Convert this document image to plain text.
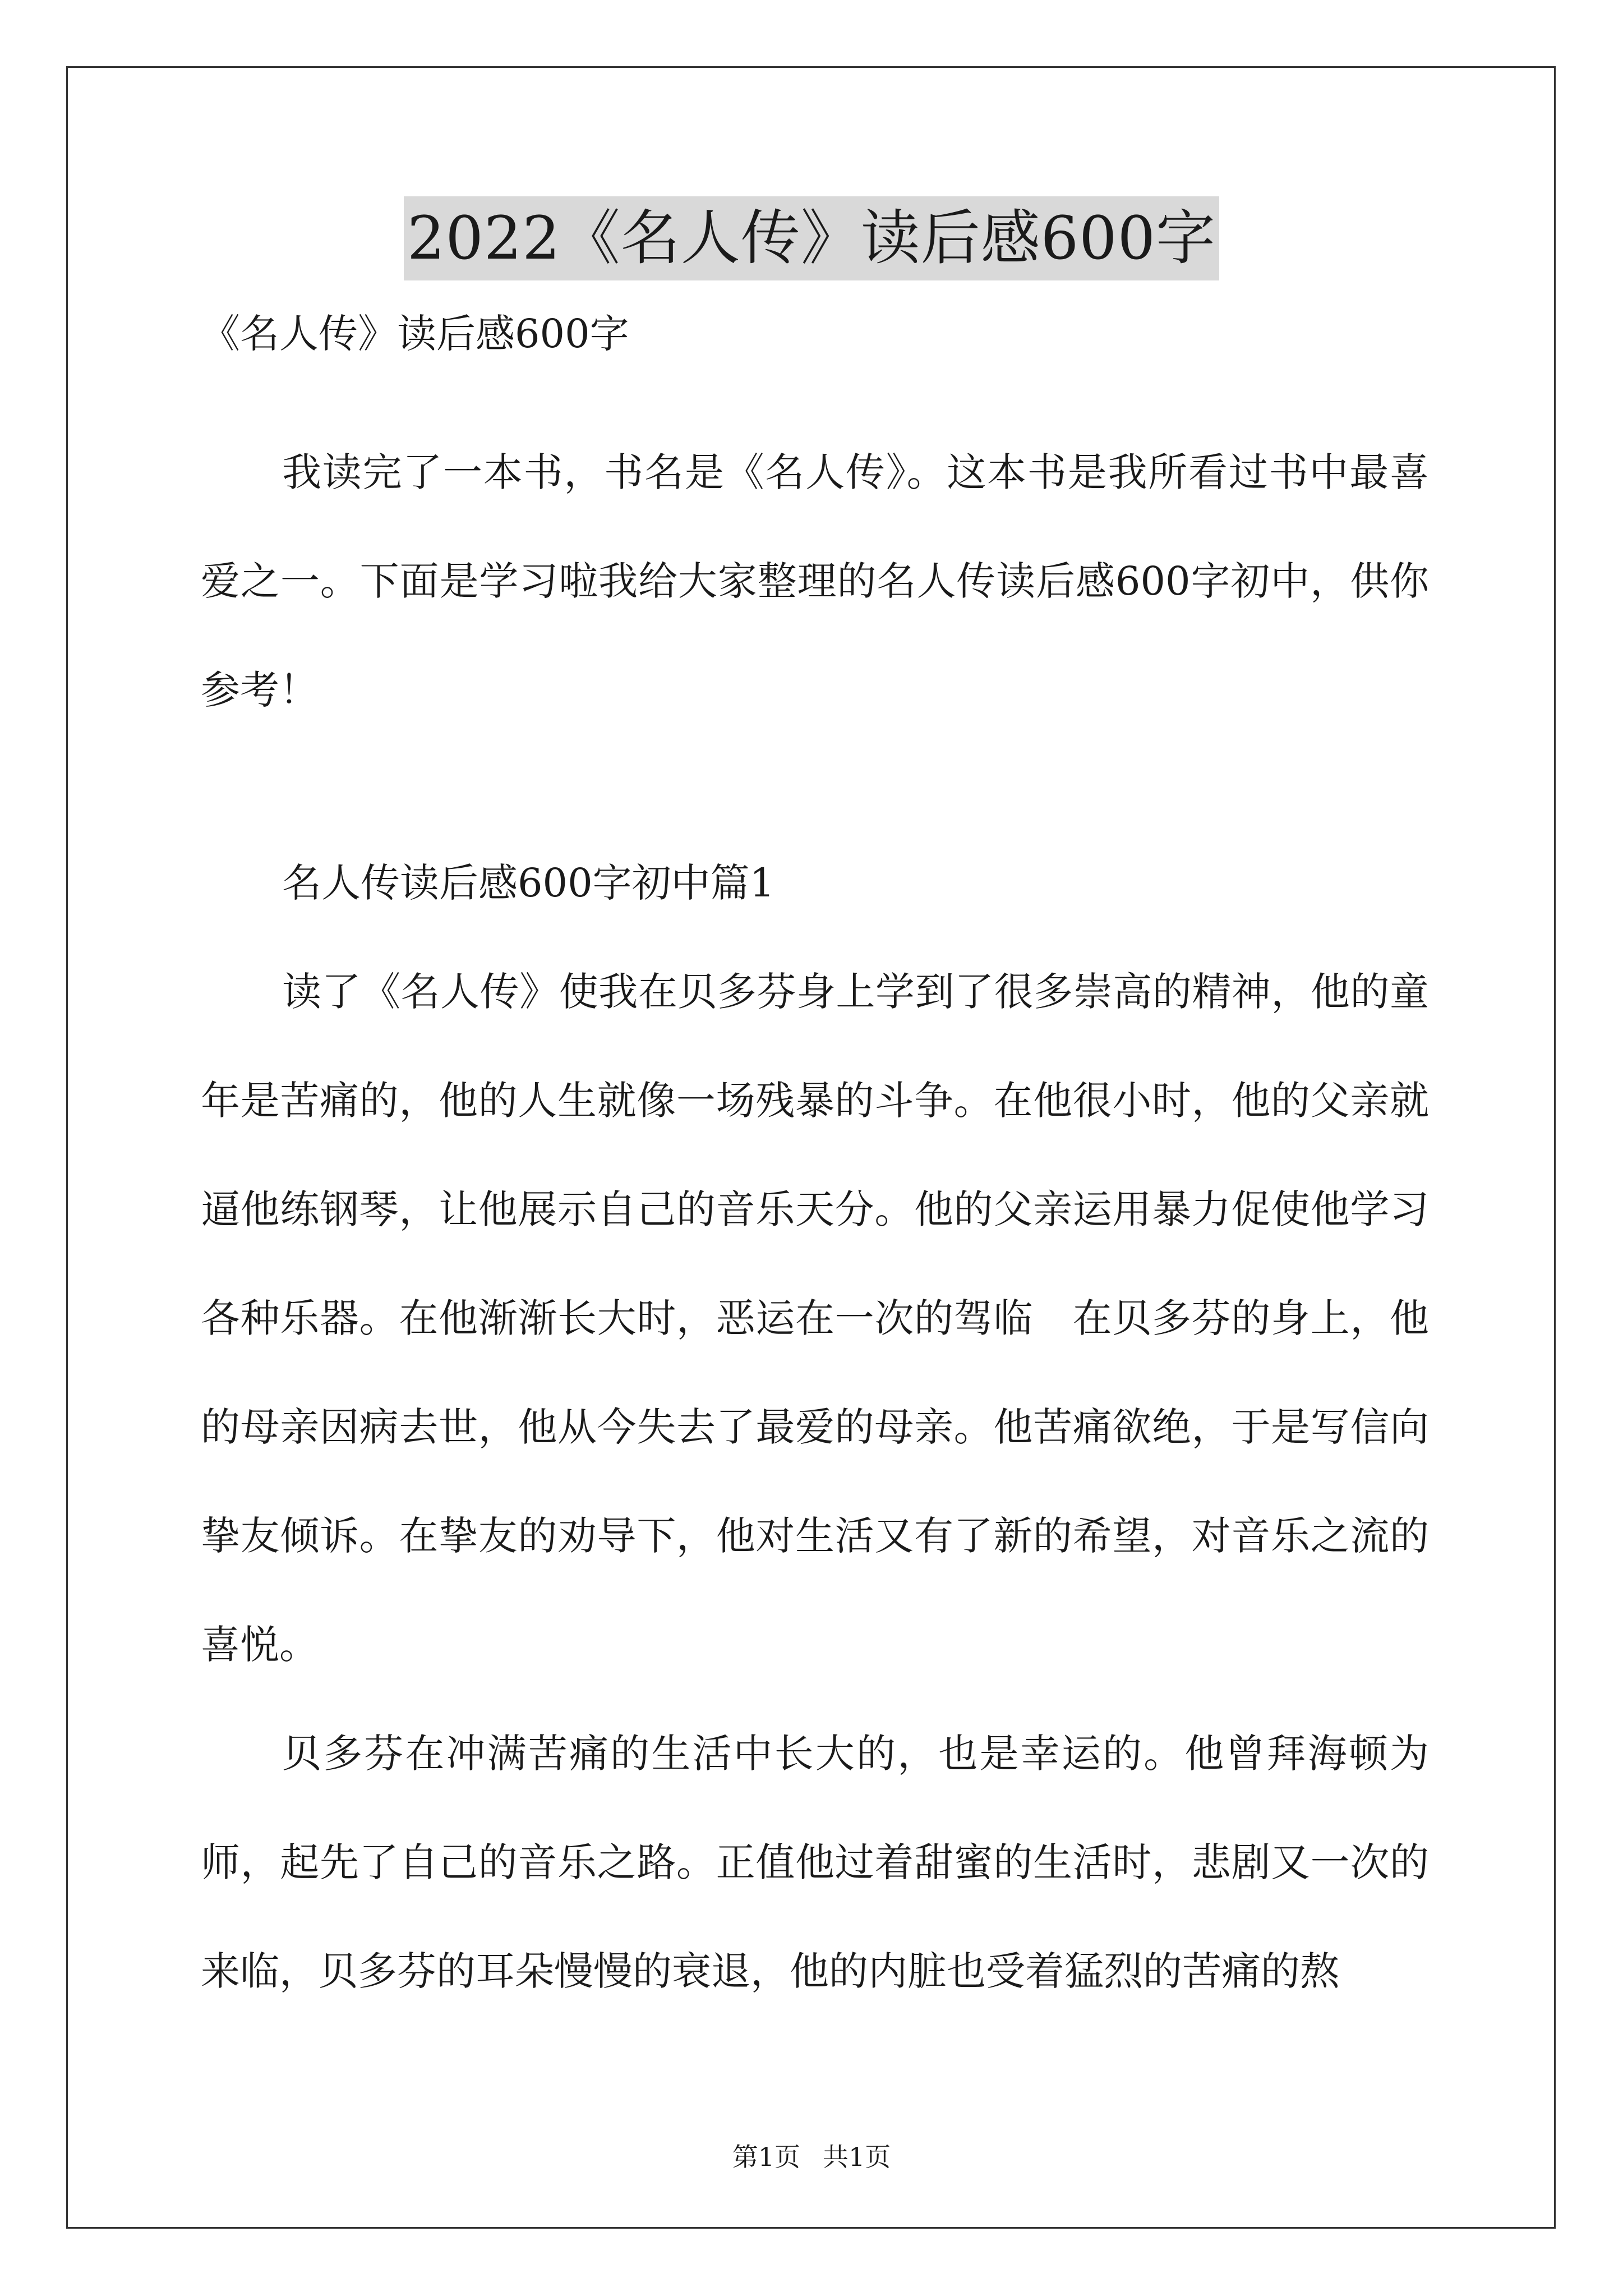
2022《名人传》读后感600字

《名人传》读后感600字

我读完了一本书，书名是《名人传》。这本书是我所看过书中最喜爱之一。下面是学习啦我给大家整理的名人传读后感600字初中，供你参考！

名人传读后感600字初中篇1

读了《名人传》使我在贝多芬身上学到了很多崇高的精神，他的童年是苦痛的，他的人生就像一场残暴的斗争。在他很小时，他的父亲就逼他练钢琴，让他展示自己的音乐天分。他的父亲运用暴力促使他学习各种乐器。在他渐渐长大时，恶运在一次的驾临　在贝多芬的身上，他的母亲因病去世，他从今失去了最爱的母亲。他苦痛欲绝，于是写信向挚友倾诉。在挚友的劝导下，他对生活又有了新的希望，对音乐之流的喜悦。

贝多芬在冲满苦痛的生活中长大的，也是幸运的。他曾拜海顿为师，起先了自己的音乐之路。正值他过着甜蜜的生活时，悲剧又一次的来临，贝多芬的耳朵慢慢的衰退，他的内脏也受着猛烈的苦痛的熬

第1页 共1页
